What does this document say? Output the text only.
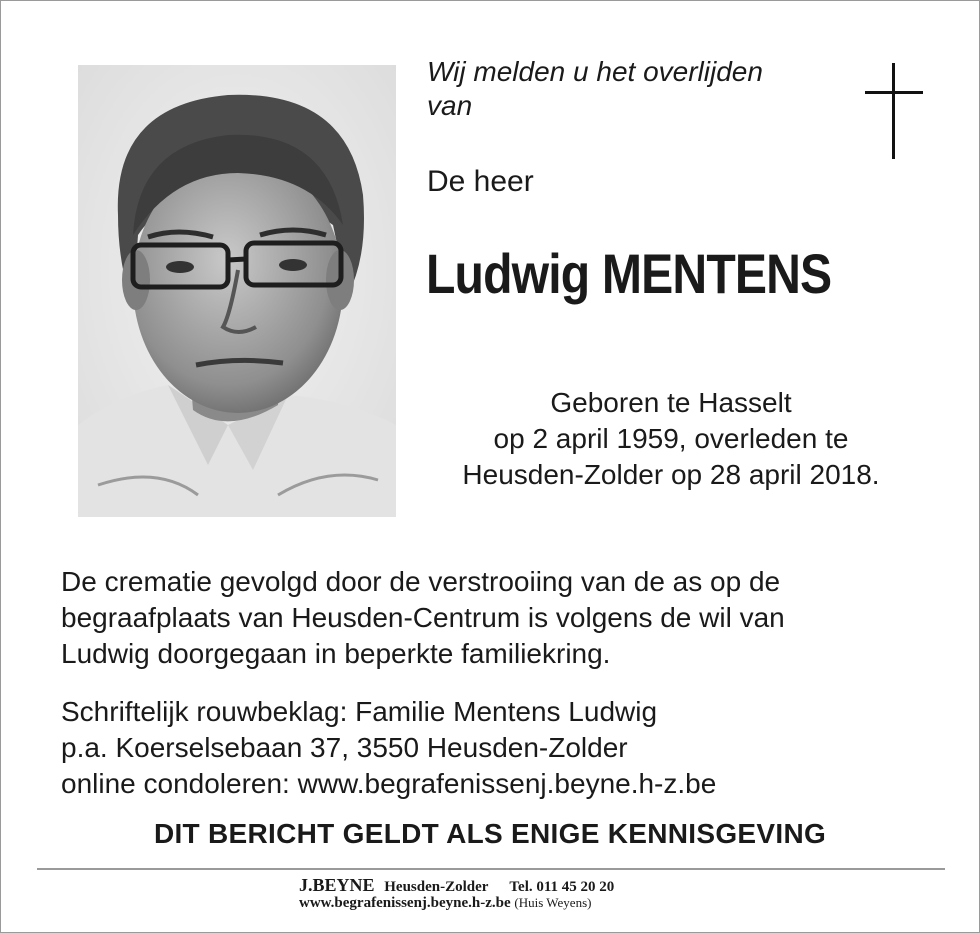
Wij melden u het overlijden
van
De heer
Ludwig MENTENS
Geboren te Hasselt
op 2 april 1959, overleden te
Heusden-Zolder op 28 april 2018.
De crematie gevolgd door de verstrooiing van de as op de
begraafplaats van Heusden-Centrum is volgens de wil van
Ludwig doorgegaan in beperkte familiekring.
Schriftelijk rouwbeklag: Familie Mentens Ludwig
p.a. Koerselsebaan 37, 3550 Heusden-Zolder
online condoleren: www.begrafenissenj.beyne.h-z.be
DIT BERICHT GELDT ALS ENIGE KENNISGEVING
J.BEYNE Heusden-Zolder Tel. 011 45 20 20
www.begrafenissenj.beyne.h-z.be (Huis Weyens)
